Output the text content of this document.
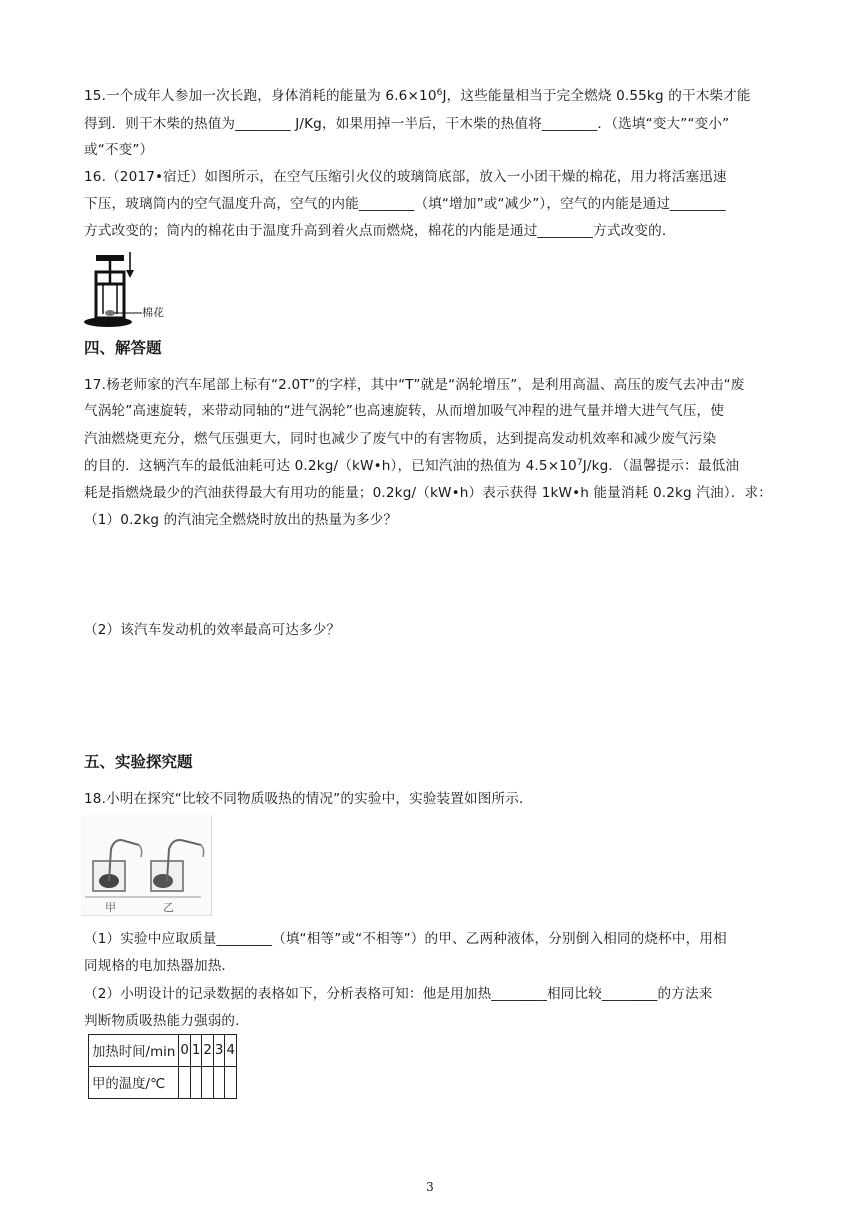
15.一个成年人参加一次长跑，身体消耗的能量为 $6.6\times 10^6J$，这些能量相当于完全燃烧 0.55kg 的干木柴才能
得到．则干木柴的热值为________ J/Kg，如果用掉一半后，干木柴的热值将________．（选填“变大”“变小”
或“不变”）
16.（2017•宿迁）如图所示，在空气压缩引火仪的玻璃筒底部，放入一小团干燥的棉花，用力将活塞迅速
下压，玻璃筒内的空气温度升高，空气的内能________（填“增加”或“减少”），空气的内能是通过________
方式改变的；筒内的棉花由于温度升高到着火点而燃烧，棉花的内能是通过________方式改变的．
棉花
四、解答题
17.杨老师家的汽车尾部上标有“2.0T”的字样，其中“T”就是“涡轮增压”，是利用高温、高压的废气去冲击“废
气涡轮”高速旋转，来带动同轴的“进气涡轮”也高速旋转，从而增加吸气冲程的进气量并增大进气气压，使
汽油燃烧更充分，燃气压强更大，同时也减少了废气中的有害物质，达到提高发动机效率和减少废气污染
的目的．这辆汽车的最低油耗可达 0.2kg/（kW•h），已知汽油的热值为 $4.5\times 10^7J/kg$．（温馨提示：最低油
耗是指燃烧最少的汽油获得最大有用功的能量；0.2kg/（kW•h）表示获得 1kW•h 能量消耗 0.2kg 汽油）．求：
（1）0.2kg 的汽油完全燃烧时放出的热量为多少？
（2）该汽车发动机的效率最高可达多少？
五、实验探究题
18.小明在探究“比较不同物质吸热的情况”的实验中，实验装置如图所示．
甲	乙
（1）实验中应取质量________（填“相等”或“不相等”）的甲、乙两种液体，分别倒入相同的烧杯中，用相
同规格的电加热器加热．
（2）小明设计的记录数据的表格如下，分析表格可知：他是用加热________相同比较________的方法来
判断物质吸热能力强弱的．
加热时间/min	0	1	2	3	4
甲的温度/℃					
3
